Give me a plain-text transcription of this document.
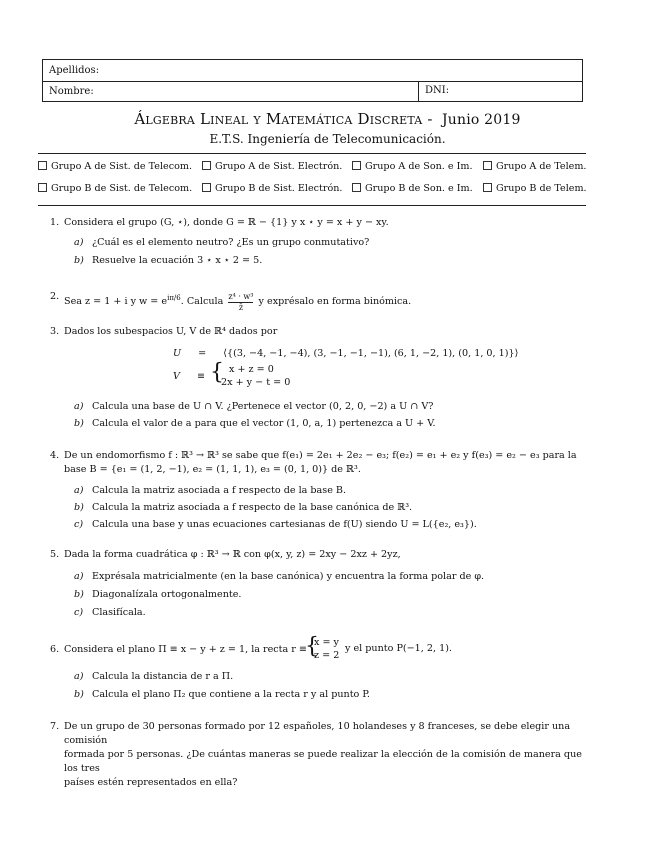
Apellidos:
Nombre:	DNI:
Álgebra Lineal y Matemática Discreta - Junio 2019
E.T.S. Ingeniería de Telecomunicación.
Grupo A de Sist. de Telecom.	Grupo A de Sist. Electrón.	Grupo A de Son. e Im.	Grupo A de Telem.
Grupo B de Sist. de Telecom.	Grupo B de Sist. Electrón.	Grupo B de Son. e Im.	Grupo B de Telem.
1. Considera el grupo (G, ⋆), donde G = ℝ − {1} y x ⋆ y = x + y − xy.
a) ¿Cuál es el elemento neutro? ¿Es un grupo conmutativo?
b) Resuelve la ecuación 3 ⋆ x ⋆ 2 = 5.
2. Sea z = 1 + i y $w = e^{i\pi/6}$. Calcula $\frac{\text{z⁴ · w³}}{z̄}$ y exprésalo en forma binómica.
3. Dados los subespacios U, V de ℝ⁴ dados por
U = ⟨{(3, −4, −1, −4), (3, −1, −1, −1), (6, 1, −2, 1), (0, 1, 0, 1)}⟩
V ≡ { x + z = 0
2x + y − t = 0
a) Calcula una base de U ∩ V. ¿Pertenece el vector (0, 2, 0, −2) a U ∩ V?
b) Calcula el valor de a para que el vector (1, 0, a, 1) pertenezca a U + V.
4. De un endomorfismo f : ℝ³ → ℝ³ se sabe que f(e₁) = 2e₁ + 2e₂ − e₃; f(e₂) = e₁ + e₂ y f(e₃) = e₂ − e₃ para la
base B = {e₁ = (1, 2, −1), e₂ = (1, 1, 1), e₃ = (0, 1, 0)} de ℝ³.
a) Calcula la matriz asociada a f respecto de la base B.
b) Calcula la matriz asociada a f respecto de la base canónica de ℝ³.
c) Calcula una base y unas ecuaciones cartesianas de f(U) siendo U = L({e₂, e₃}).
5. Dada la forma cuadrática φ : ℝ³ → ℝ con φ(x, y, z) = 2xy − 2xz + 2yz,
a) Exprésala matricialmente (en la base canónica) y encuentra la forma polar de φ.
b) Diagonalízala ortogonalmente.
c) Clasifícala.
6. Considera el plano Π ≡ x − y + z = 1, la recta r ≡
{
x = y
z = 2
y el punto P(−1, 2, 1).
a) Calcula la distancia de r a Π.
b) Calcula el plano Π₂ que contiene a la recta r y al punto P.
7. De un grupo de 30 personas formado por 12 españoles, 10 holandeses y 8 franceses, se debe elegir una comisión
formada por 5 personas. ¿De cuántas maneras se puede realizar la elección de la comisión de manera que los tres
países estén representados en ella?
